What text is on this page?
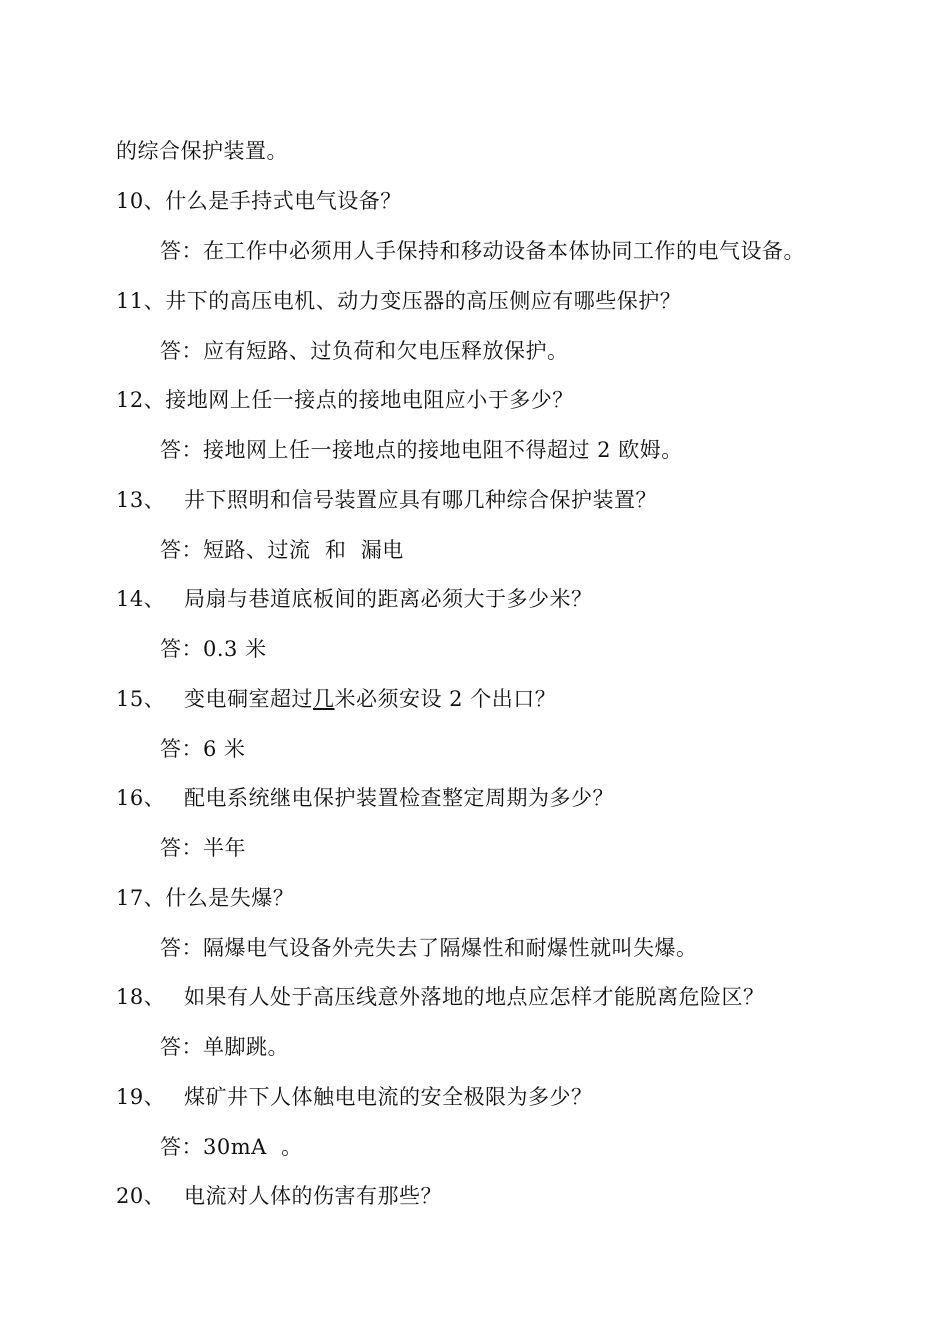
的综合保护装置。
10、什么是手持式电气设备？
答：在工作中必须用人手保持和移动设备本体协同工作的电气设备。
11、井下的高压电机、动力变压器的高压侧应有哪些保护？
答：应有短路、过负荷和欠电压释放保护。
12、接地网上任一接点的接地电阻应小于多少？
答：接地网上任一接地点的接地电阻不得超过 2 欧姆。
13、 井下照明和信号装置应具有哪几种综合保护装置？
答：短路、过流  和  漏电
14、 局扇与巷道底板间的距离必须大于多少米？
答：0.3 米
15、 变电硐室超过几米必须安设 2 个出口？
答：6 米
16、 配电系统继电保护装置检查整定周期为多少？
答：半年
17、什么是失爆？
答：隔爆电气设备外壳失去了隔爆性和耐爆性就叫失爆。
18、 如果有人处于高压线意外落地的地点应怎样才能脱离危险区？
答：单脚跳。
19、 煤矿井下人体触电电流的安全极限为多少？
答：30mA  。
20、 电流对人体的伤害有那些？
